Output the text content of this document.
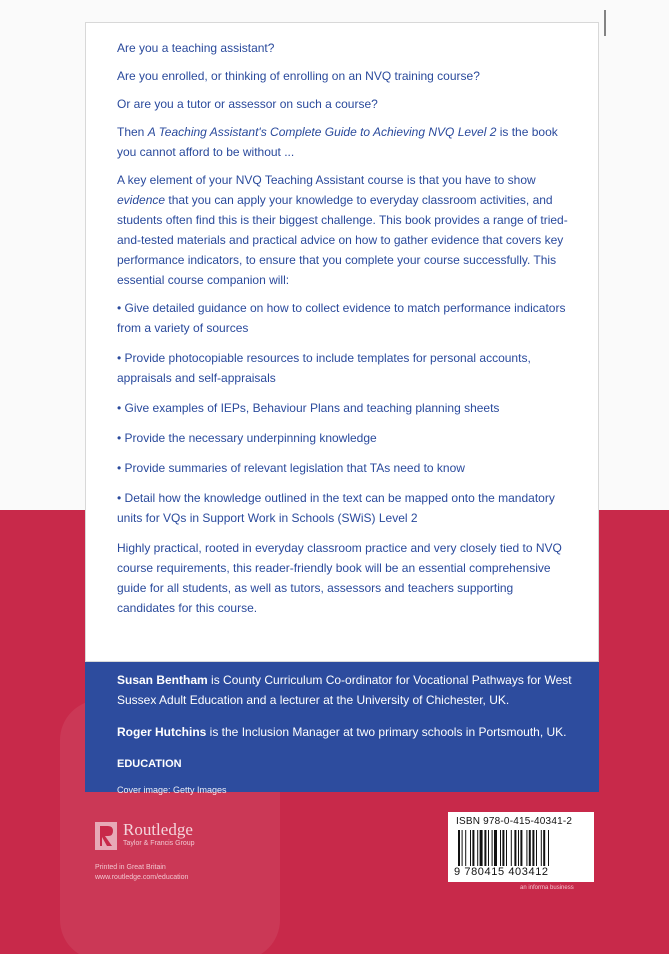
Are you a teaching assistant?

Are you enrolled, or thinking of enrolling on an NVQ training course?

Or are you a tutor or assessor on such a course?

Then A Teaching Assistant's Complete Guide to Achieving NVQ Level 2 is the book you cannot afford to be without ...

A key element of your NVQ Teaching Assistant course is that you have to show evidence that you can apply your knowledge to everyday classroom activities, and students often find this is their biggest challenge. This book provides a range of tried-and-tested materials and practical advice on how to gather evidence that covers key performance indicators, to ensure that you complete your course successfully. This essential course companion will:

• Give detailed guidance on how to collect evidence to match performance indicators from a variety of sources
• Provide photocopiable resources to include templates for personal accounts, appraisals and self-appraisals
• Give examples of IEPs, Behaviour Plans and teaching planning sheets
• Provide the necessary underpinning knowledge
• Provide summaries of relevant legislation that TAs need to know
• Detail how the knowledge outlined in the text can be mapped onto the mandatory units for VQs in Support Work in Schools (SWiS) Level 2

Highly practical, rooted in everyday classroom practice and very closely tied to NVQ course requirements, this reader-friendly book will be an essential comprehensive guide for all students, as well as tutors, assessors and teachers supporting candidates for this course.

Susan Bentham is County Curriculum Co-ordinator for Vocational Pathways for West Sussex Adult Education and a lecturer at the University of Chichester, UK.

Roger Hutchins is the Inclusion Manager at two primary schools in Portsmouth, UK.

EDUCATION

Cover image: Getty Images

Routledge
Taylor & Francis Group
Printed in Great Britain
www.routledge.com/education
ISBN 978-0-415-40341-2
9 780415 403412
an informa business
